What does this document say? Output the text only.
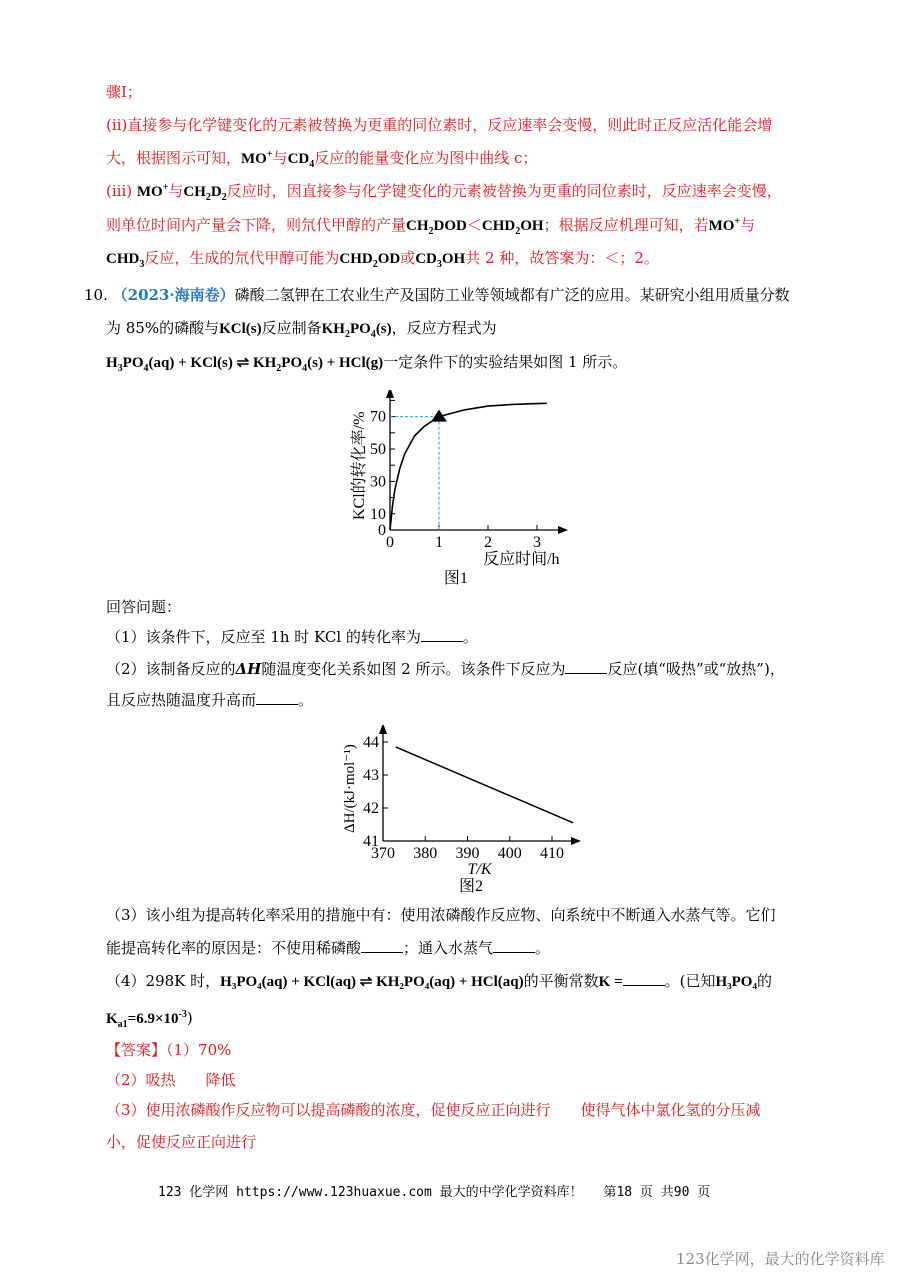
骤I；
(ii)直接参与化学键变化的元素被替换为更重的同位素时，反应速率会变慢，则此时正反应活化能会增
大，根据图示可知，MO+与$CD_4$反应的能量变化应为图中曲线 c；
(iii) MO+与$CH_2D_2$反应时，因直接参与化学键变化的元素被替换为更重的同位素时，反应速率会变慢，
则单位时间内产量会下降，则氘代甲醇的产量$CH_2DOD<CHD_2OH$；根据反应机理可知，若MO+与
$CHD_3$反应，生成的氘代甲醇可能为$CHD_2OD$或$CD_3OH$共 2 种，故答案为：＜；2。
10. （2023·海南卷）磷酸二氢钾在工农业生产及国防工业等领域都有广泛的应用。某研究小组用质量分数
为 85%的磷酸与KCl(s)反应制备$KH_2PO_4(s)$，反应方程式为
$H_3PO_4(aq) + KCl(s)$ ⇌ $KH_2PO_4(s) + HCl(g)$一定条件下的实验结果如图 1 所示。
0	1	2	3
0
10
30
50
70
KCl的转化率/%
反应时间/h
图1
回答问题：
（1）该条件下，反应至 1h 时 KCl 的转化率为	。
（2）该制备反应的ΔH随温度变化关系如图 2 所示。该条件下反应为	反应(填“吸热”或“放热”)，
且反应热随温度升高而	。
370 380 390 400 410
41
42
43
44
ΔH/(kJ·mol⁻¹)
T/K
图2
（3）该小组为提高转化率采用的措施中有：使用浓磷酸作反应物、向系统中不断通入水蒸气等。它们
能提高转化率的原因是：不使用稀磷酸	；通入水蒸气	。
（4）298K 时，H₃PO₄(aq) + KCl(aq) ⇌ KH₂PO₄(aq) + HCl(aq)的平衡常数K =	。(已知H₃PO₄的
$K_{a1}=6.9\times 10^{-3}$)
【答案】（1）70%
（2）吸热　　降低
（3）使用浓磷酸作反应物可以提高磷酸的浓度，促使反应正向进行　　使得气体中氯化氢的分压减
小，促使反应正向进行
123 化学网 https://www.123huaxue.com 最大的中学化学资料库！　 第18 页 共90 页
123化学网，最大的化学资料库
